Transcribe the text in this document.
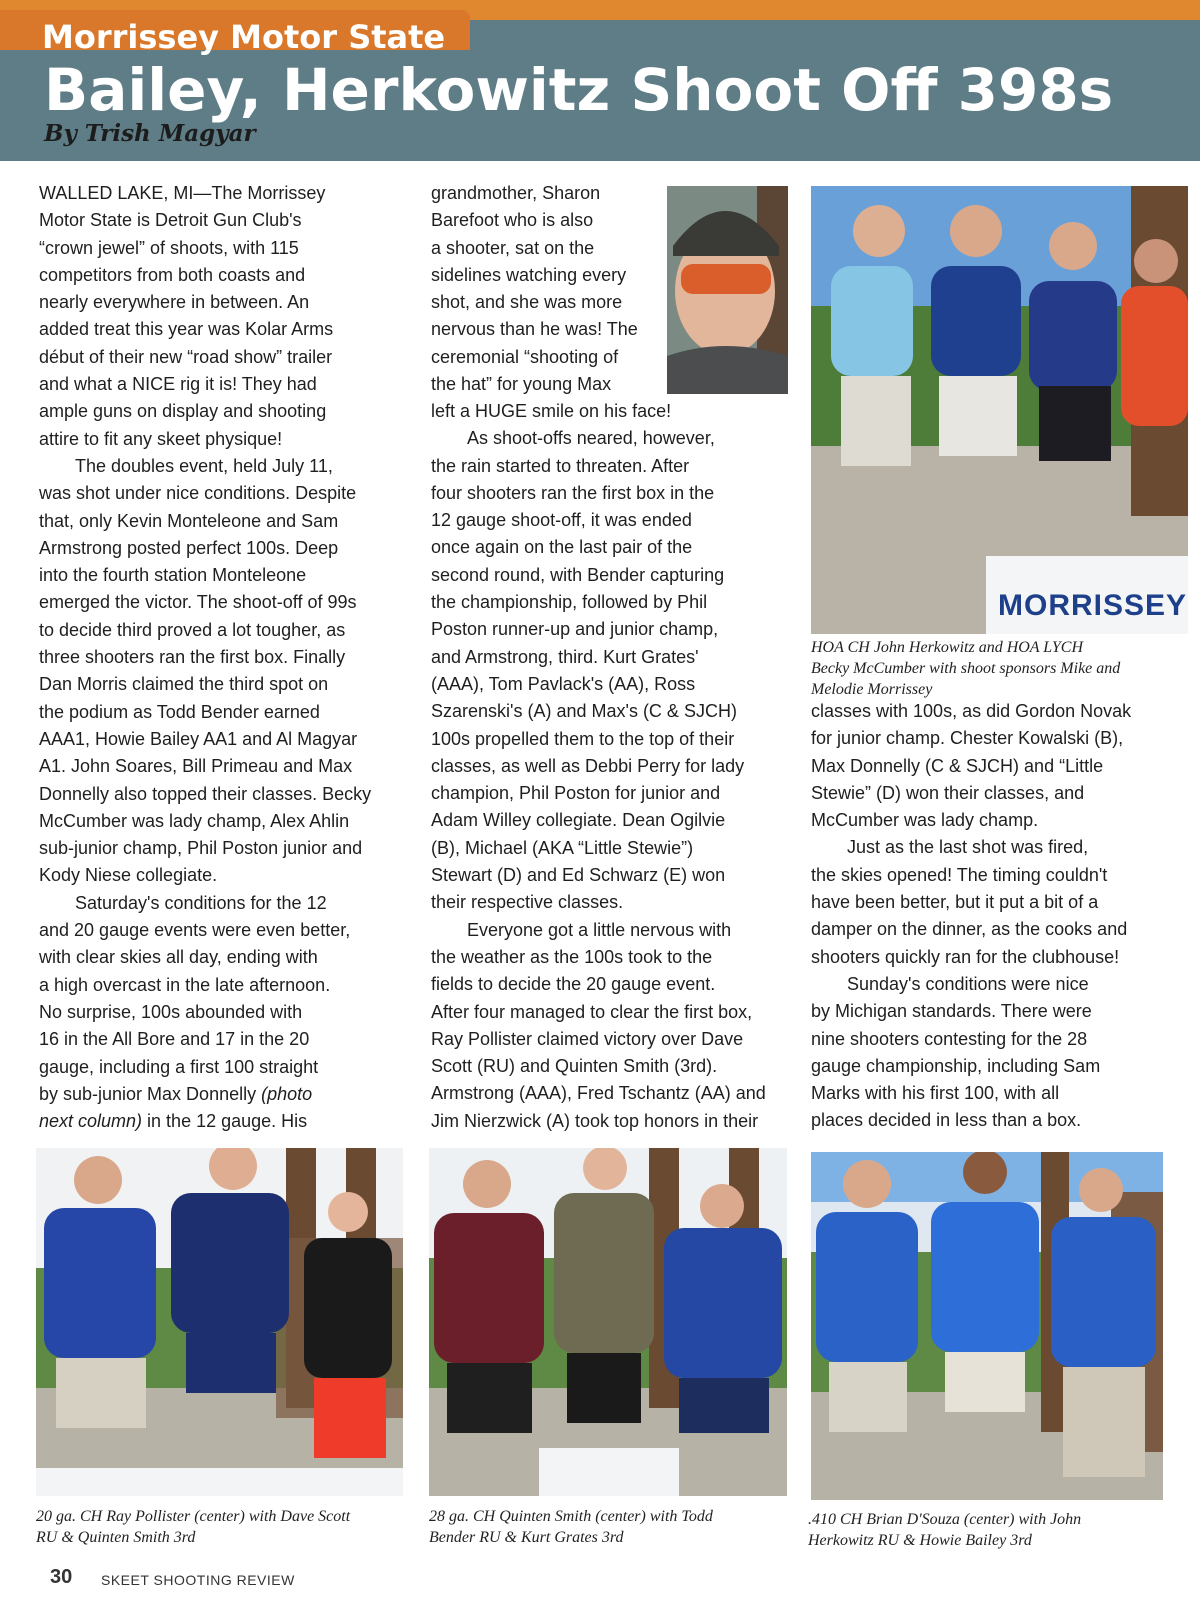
Morrissey Motor State
Bailey, Herkowitz Shoot Off 398s
By Trish Magyar

WALLED LAKE, MI—The Morrissey

Motor State is Detroit Gun Club's

“crown jewel” of shoots, with 115

competitors from both coasts and

nearly everywhere in between. An

added treat this year was Kolar Arms

début of their new “road show” trailer

and what a NICE rig it is! They had

ample guns on display and shooting

attire to fit any skeet physique!

The doubles event, held July 11,

was shot under nice conditions. Despite

that, only Kevin Monteleone and Sam

Armstrong posted perfect 100s. Deep

into the fourth station Monteleone

emerged the victor. The shoot-off of 99s

to decide third proved a lot tougher, as

three shooters ran the first box. Finally

Dan Morris claimed the third spot on

the podium as Todd Bender earned

AAA1, Howie Bailey AA1 and Al Magyar

A1. John Soares, Bill Primeau and Max

Donnelly also topped their classes. Becky

McCumber was lady champ, Alex Ahlin

sub-junior champ, Phil Poston junior and

Kody Niese collegiate.

Saturday's conditions for the 12

and 20 gauge events were even better,

with clear skies all day, ending with

a high overcast in the late afternoon.

No surprise, 100s abounded with

16 in the All Bore and 17 in the 20

gauge, including a first 100 straight

by sub-junior Max Donnelly (photo

next column) in the 12 gauge. His

grandmother, Sharon

Barefoot who is also

a shooter, sat on the

sidelines watching every

shot, and she was more

nervous than he was! The

ceremonial “shooting of

the hat” for young Max

left a HUGE smile on his face!

As shoot-offs neared, however,

the rain started to threaten. After

four shooters ran the first box in the

12 gauge shoot-off, it was ended

once again on the last pair of the

second round, with Bender capturing

the championship, followed by Phil

Poston runner-up and junior champ,

and Armstrong, third. Kurt Grates'

(AAA), Tom Pavlack's (AA), Ross

Szarenski's (A) and Max's (C & SJCH)

100s propelled them to the top of their

classes, as well as Debbi Perry for lady

champion, Phil Poston for junior and

Adam Willey collegiate. Dean Ogilvie

(B), Michael (AKA “Little Stewie”)

Stewart (D) and Ed Schwarz (E) won

their respective classes.

Everyone got a little nervous with

the weather as the 100s took to the

fields to decide the 20 gauge event.

After four managed to clear the first box,

Ray Pollister claimed victory over Dave

Scott (RU) and Quinten Smith (3rd).

Armstrong (AAA), Fred Tschantz (AA) and

Jim Nierzwick (A) took top honors in their

MORRISSEY
HOA CH John Herkowitz and HOA LYCH
Becky McCumber with shoot sponsors Mike and
Melodie Morrissey

classes with 100s, as did Gordon Novak

for junior champ. Chester Kowalski (B),

Max Donnelly (C & SJCH) and “Little

Stewie” (D) won their classes, and

McCumber was lady champ.

Just as the last shot was fired,

the skies opened! The timing couldn't

have been better, but it put a bit of a

damper on the dinner, as the cooks and

shooters quickly ran for the clubhouse!

Sunday's conditions were nice

by Michigan standards. There were

nine shooters contesting for the 28

gauge championship, including Sam

Marks with his first 100, with all

places decided in less than a box.

20 ga. CH Ray Pollister (center) with Dave Scott
RU & Quinten Smith 3rd
28 ga. CH Quinten Smith (center) with Todd
Bender RU & Kurt Grates 3rd
.410 CH Brian D'Souza (center) with John
Herkowitz RU & Howie Bailey 3rd
30 SKEET SHOOTING REVIEW
